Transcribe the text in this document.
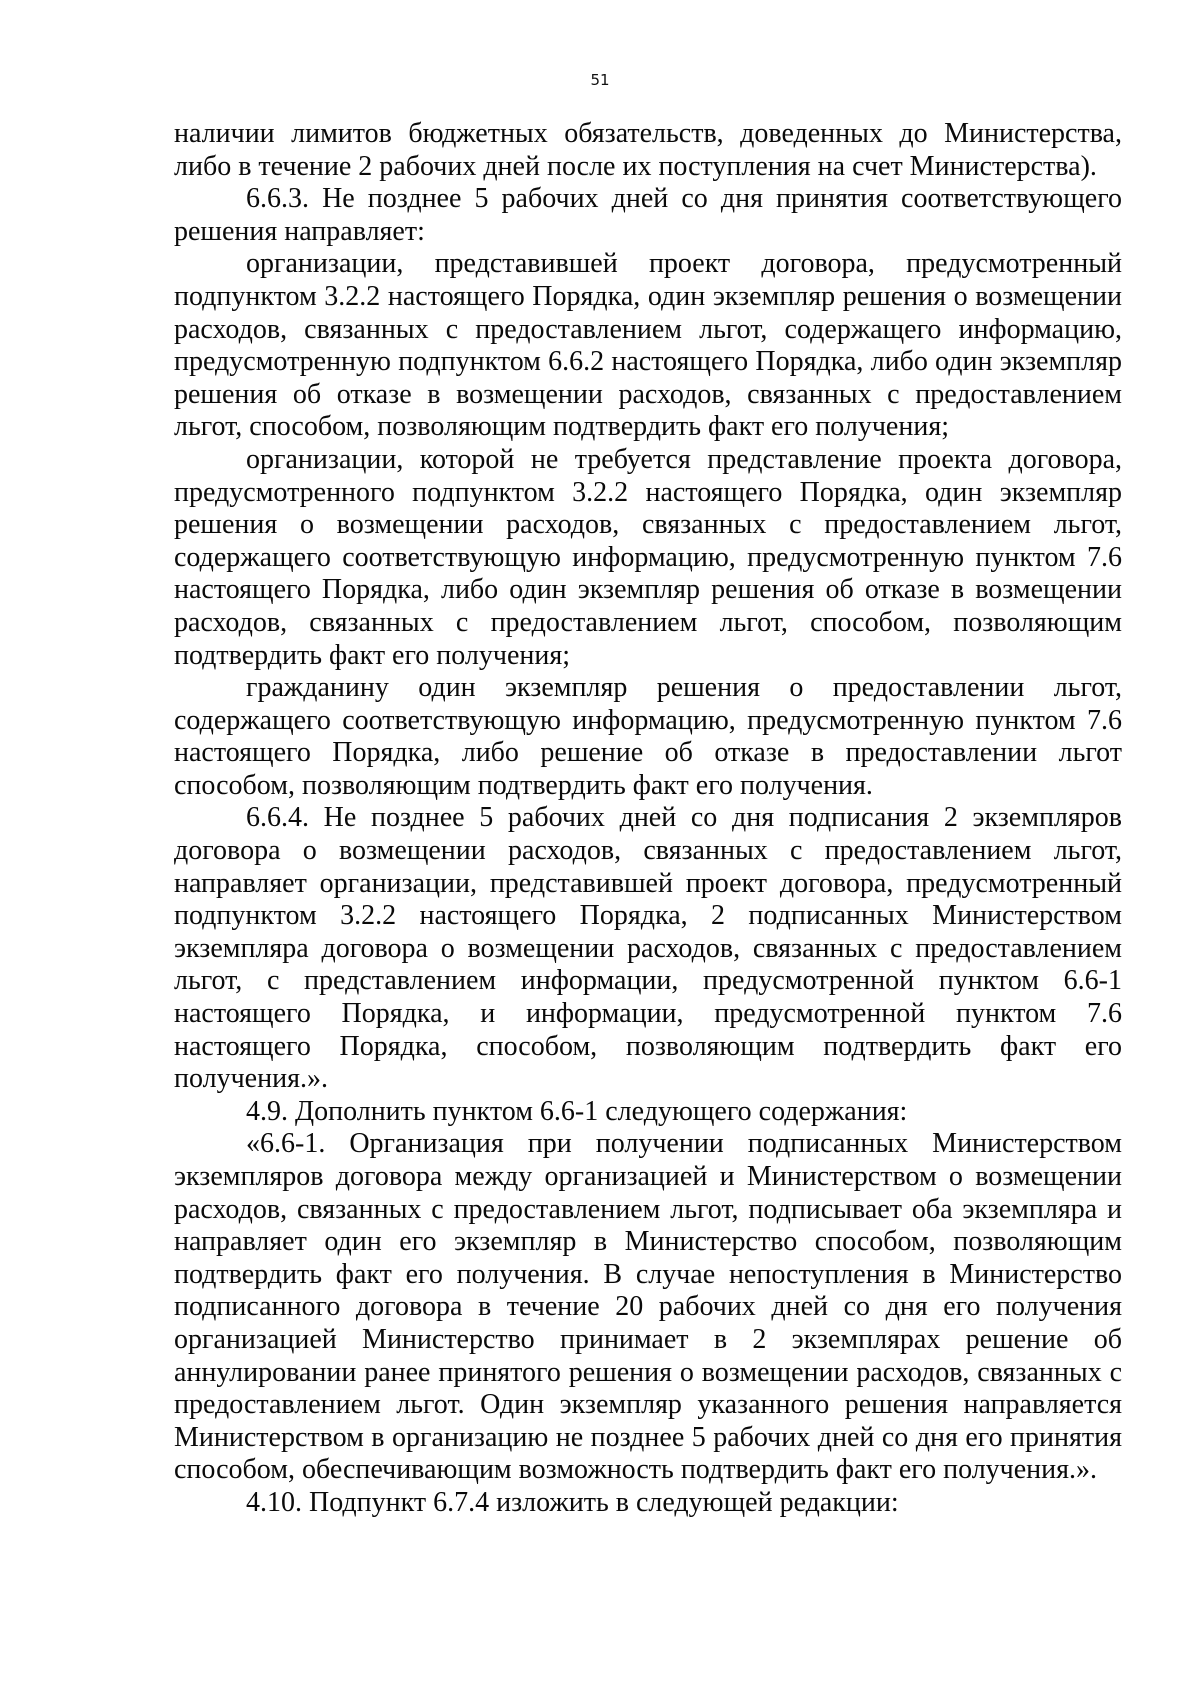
51

наличии лимитов бюджетных обязательств, доведенных до Министерства, либо в течение 2 рабочих дней после их поступления на счет Министерства).

6.6.3. Не позднее 5 рабочих дней со дня принятия соответствующего решения направляет:

организации, представившей проект договора, предусмотренный подпунктом 3.2.2 настоящего Порядка, один экземпляр решения о возмещении расходов, связанных с предоставлением льгот, содержащего информацию, предусмотренную подпунктом 6.6.2 настоящего Порядка, либо один экземпляр решения об отказе в возмещении расходов, связанных с предоставлением льгот, способом, позволяющим подтвердить факт его получения;

организации, которой не требуется представление проекта договора, предусмотренного подпунктом 3.2.2 настоящего Порядка, один экземпляр решения о возмещении расходов, связанных с предоставлением льгот, содержащего соответствующую информацию, предусмотренную пунктом 7.6 настоящего Порядка, либо один экземпляр решения об отказе в возмещении расходов, связанных с предоставлением льгот, способом, позволяющим подтвердить факт его получения;

гражданину один экземпляр решения о предоставлении льгот, содержащего соответствующую информацию, предусмотренную пунктом 7.6 настоящего Порядка, либо решение об отказе в предоставлении льгот способом, позволяющим подтвердить факт его получения.

6.6.4. Не позднее 5 рабочих дней со дня подписания 2 экземпляров договора о возмещении расходов, связанных с предоставлением льгот, направляет организации, представившей проект договора, предусмотренный подпунктом 3.2.2 настоящего Порядка, 2 подписанных Министерством экземпляра договора о возмещении расходов, связанных с предоставлением льгот, с представлением информации, предусмотренной пунктом 6.6-1 настоящего Порядка, и информации, предусмотренной пунктом 7.6 настоящего Порядка, способом, позволяющим подтвердить факт его получения.».

4.9. Дополнить пунктом 6.6-1 следующего содержания:

«6.6-1. Организация при получении подписанных Министерством экземпляров договора между организацией и Министерством о возмещении расходов, связанных с предоставлением льгот, подписывает оба экземпляра и направляет один его экземпляр в Министерство способом, позволяющим подтвердить факт его получения. В случае непоступления в Министерство подписанного договора в течение 20 рабочих дней со дня его получения организацией Министерство принимает в 2 экземплярах решение об аннулировании ранее принятого решения о возмещении расходов, связанных с предоставлением льгот. Один экземпляр указанного решения направляется Министерством в организацию не позднее 5 рабочих дней со дня его принятия способом, обеспечивающим возможность подтвердить факт его получения.».

4.10. Подпункт 6.7.4 изложить в следующей редакции:
